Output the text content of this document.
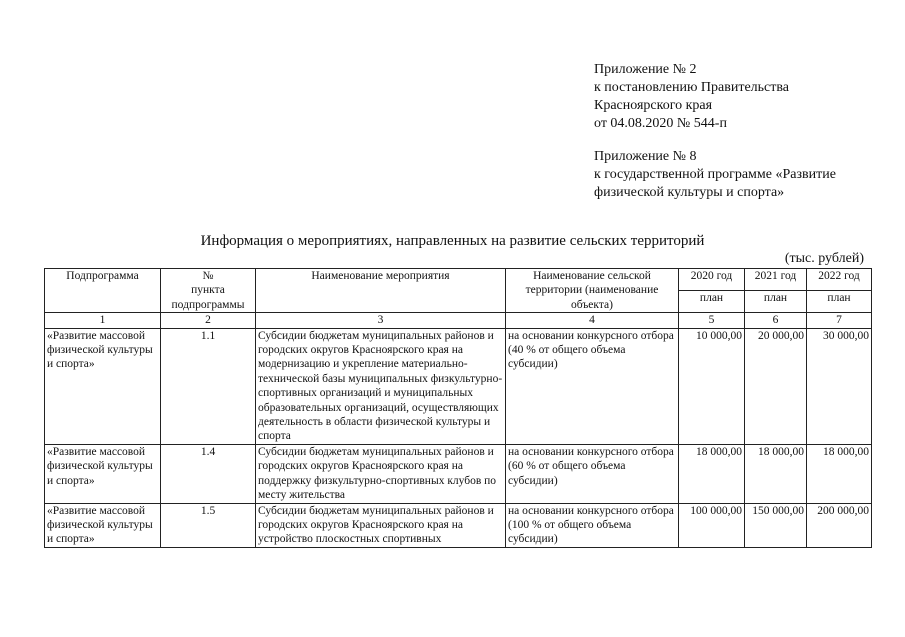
Приложение № 2
к постановлению Правительства
Красноярского края
от 04.08.2020 № 544-п
Приложение № 8
к государственной программе «Развитие
физической культуры и спорта»
Информация о мероприятиях, направленных на развитие сельских территорий
(тыс. рублей)
Подпрограмма	№
пункта
подпрограммы	Наименование мероприятия	Наименование сельской территории (наименование объекта)	2020 год	2021 год	2022 год
				план	план	план
1	2	3	4	5	6	7
«Развитие массовой физической культуры и спорта»	1.1	Субсидии бюджетам муниципальных районов и городских округов Красноярского края на модернизацию и укрепление материально-технической базы муниципальных физкультурно-спортивных организаций и муниципальных образовательных организаций, осуществляющих деятельность в области физической культуры и спорта	на основании конкурсного отбора (40 % от общего объема субсидии)	10 000,00	20 000,00	30 000,00
«Развитие массовой физической культуры и спорта»	1.4	Субсидии бюджетам муниципальных районов и городских округов Красноярского края на поддержку физкультурно-спортивных клубов по месту жительства	на основании конкурсного отбора (60 % от общего объема субсидии)	18 000,00	18 000,00	18 000,00
«Развитие массовой физической культуры и спорта»	1.5	Субсидии бюджетам муниципальных районов и городских округов Красноярского края на устройство плоскостных спортивных	на основании конкурсного отбора (100 % от общего объема субсидии)	100 000,00	150 000,00	200 000,00
